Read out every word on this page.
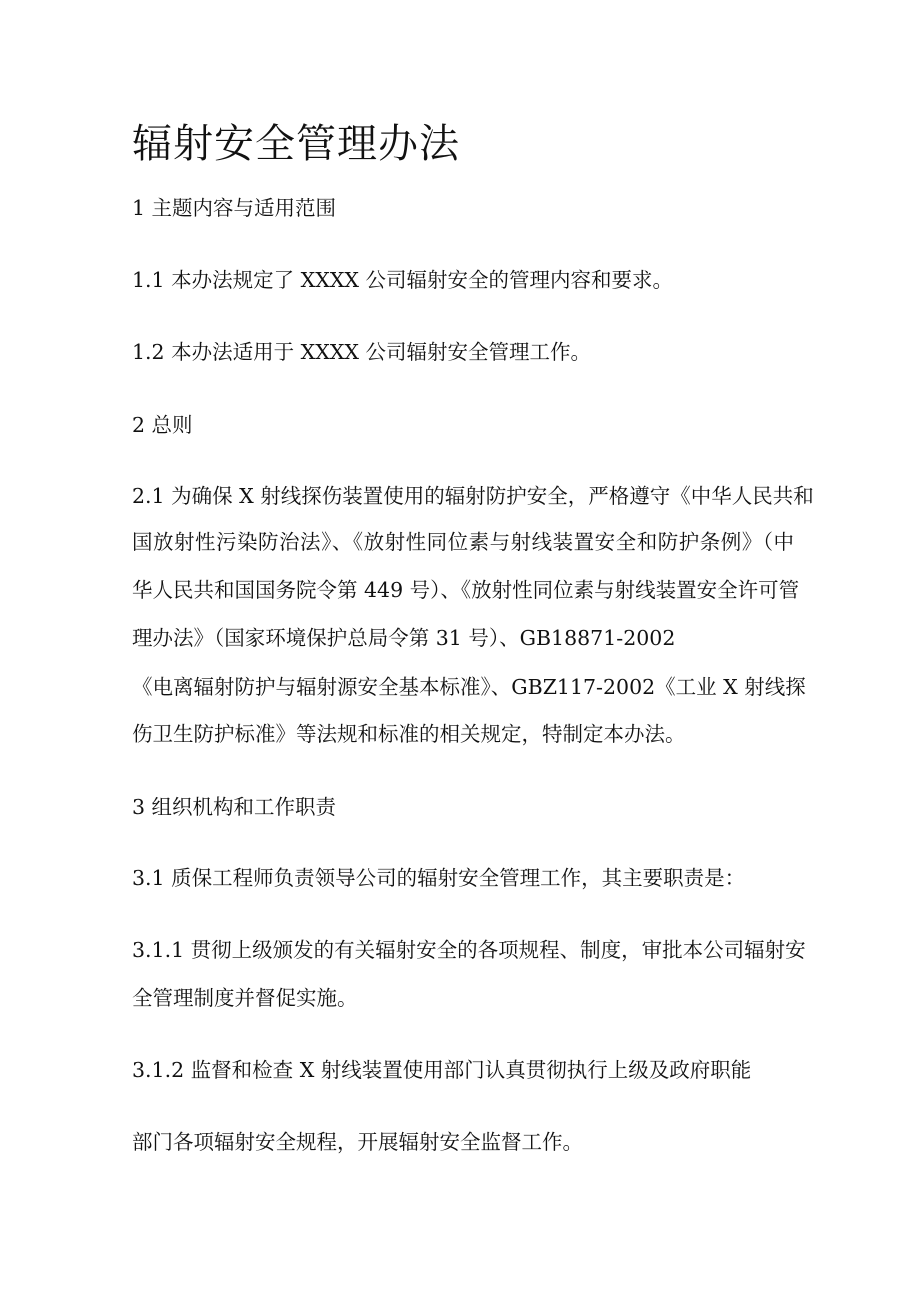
辐射安全管理办法

1 主题内容与适用范围

1.1 本办法规定了 XXXX 公司辐射安全的管理内容和要求。

1.2 本办法适用于 XXXX 公司辐射安全管理工作。

2 总则

2.1 为确保 X 射线探伤装置使用的辐射防护安全，严格遵守《中华人民共和

国放射性污染防治法》、《放射性同位素与射线装置安全和防护条例》（中

华人民共和国国务院令第 449 号）、《放射性同位素与射线装置安全许可管

理办法》（国家环境保护总局令第 31 号）、GB18871-2002

《电离辐射防护与辐射源安全基本标准》、GBZ117-2002《工业 X 射线探

伤卫生防护标准》等法规和标准的相关规定，特制定本办法。

3 组织机构和工作职责

3.1 质保工程师负责领导公司的辐射安全管理工作，其主要职责是：

3.1.1 贯彻上级颁发的有关辐射安全的各项规程、制度，审批本公司辐射安

全管理制度并督促实施。

3.1.2 监督和检查 X 射线装置使用部门认真贯彻执行上级及政府职能

部门各项辐射安全规程，开展辐射安全监督工作。
